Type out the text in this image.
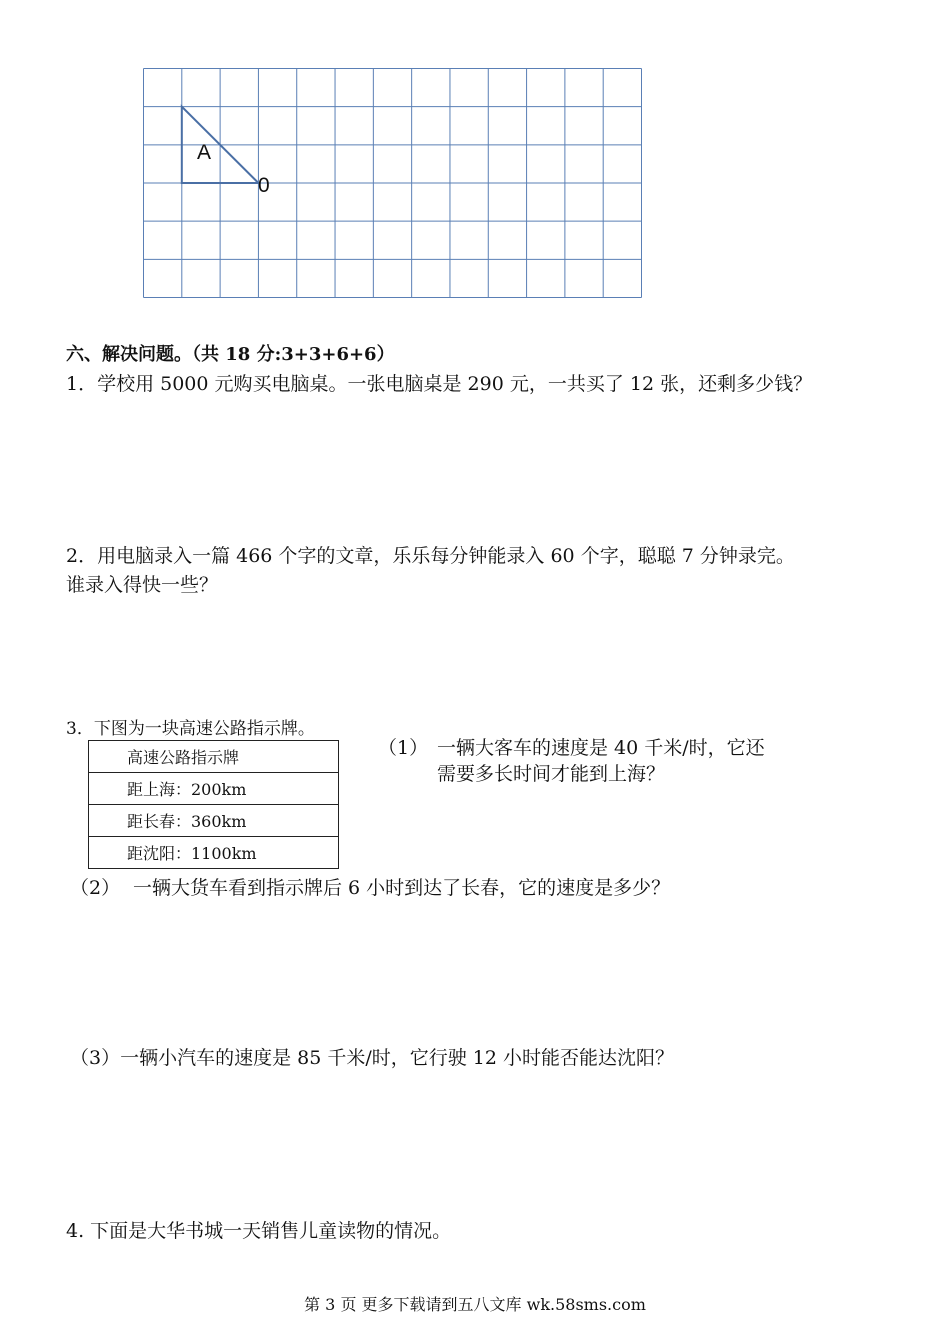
A
0
六、解决问题。（共 18 分:3+3+6+6）
1．学校用 5000 元购买电脑桌。一张电脑桌是 290 元，一共买了 12 张，还剩多少钱？
2．用电脑录入一篇 466 个字的文章，乐乐每分钟能录入 60 个字，聪聪 7 分钟录完。
谁录入得快一些？
3．下图为一块高速公路指示牌。
高速公路指示牌
距上海：200km
距长春：360km
距沈阳：1100km
（1） 一辆大客车的速度是 40 千米/时，它还
需要多长时间才能到上海？
（2） 一辆大货车看到指示牌后 6 小时到达了长春，它的速度是多少？
（3）一辆小汽车的速度是 85 千米/时，它行驶 12 小时能否能达沈阳？
4. 下面是大华书城一天销售儿童读物的情况。
第 3 页 更多下载请到五八文库 wk.58sms.com
